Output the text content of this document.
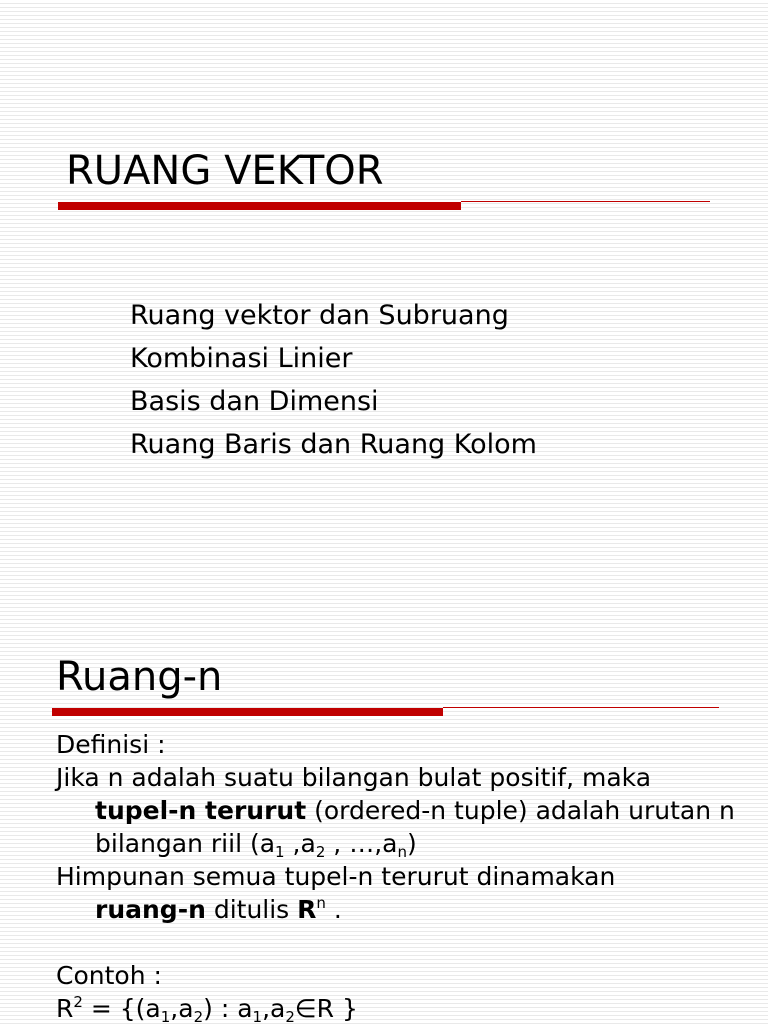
RUANG VEKTOR
Ruang vektor dan Subruang
Kombinasi Linier
Basis dan Dimensi
Ruang Baris dan Ruang Kolom
Ruang-n

Definisi :

Jika n adalah suatu bilangan bulat positif, maka
tupel-n terurut (ordered-n tuple) adalah urutan n bilangan riil ($a_1$ $,a_2$ , $\dots,a_n$)

Himpunan semua tupel-n terurut dinamakan
ruang-n ditulis $R^n$ .

Contoh :

$R^2 = \{(a_1,a_2)$ : $a_1,a_2\in R$ }
